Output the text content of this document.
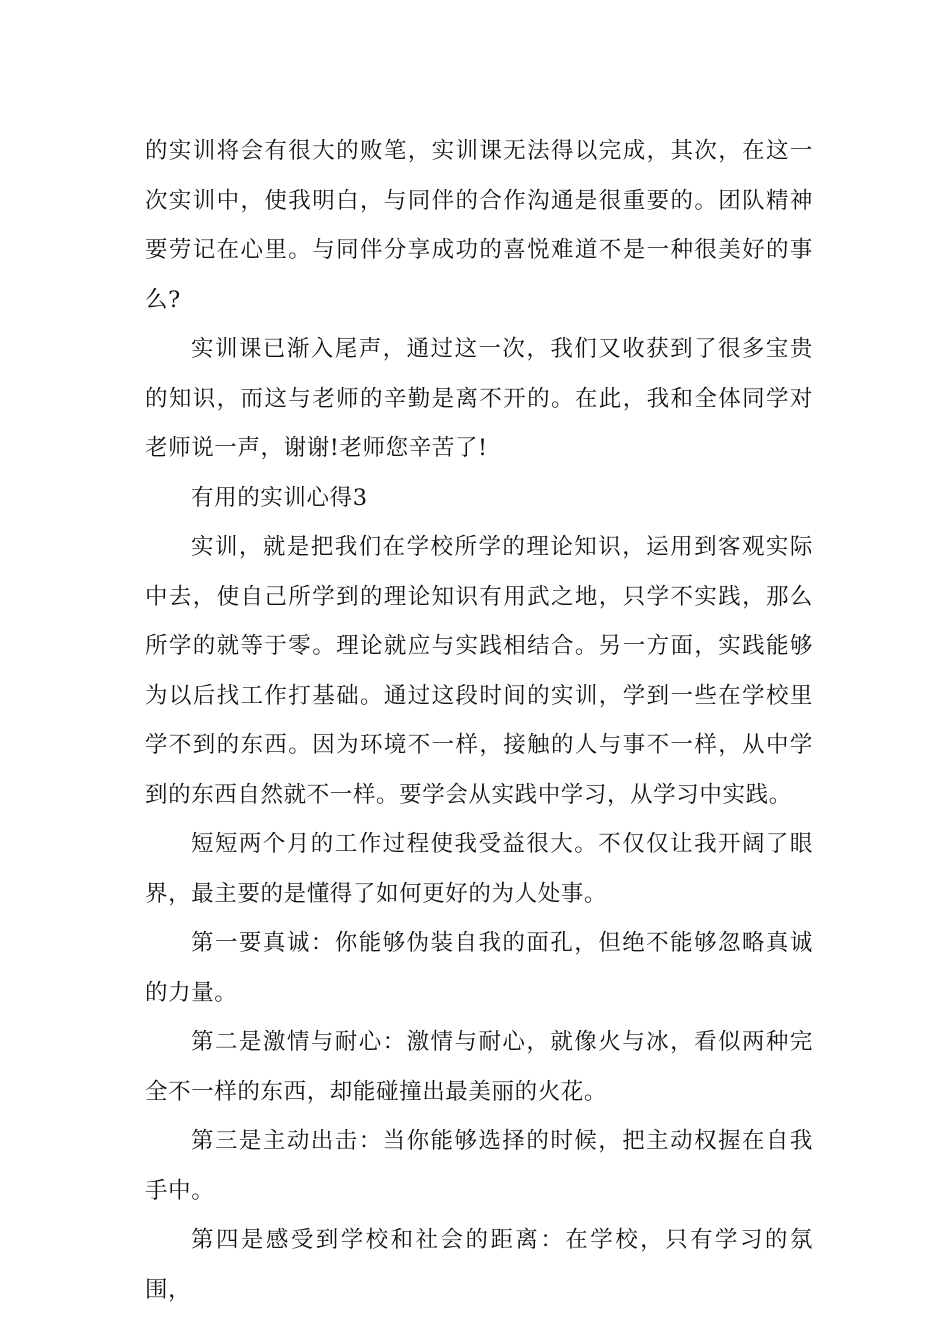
的实训将会有很大的败笔，实训课无法得以完成，其次，在这一次实训中，使我明白，与同伴的合作沟通是很重要的。团队精神要劳记在心里。与同伴分享成功的喜悦难道不是一种很美好的事么?

实训课已渐入尾声，通过这一次，我们又收获到了很多宝贵的知识，而这与老师的辛勤是离不开的。在此，我和全体同学对老师说一声，谢谢!老师您辛苦了!

有用的实训心得3

实训，就是把我们在学校所学的理论知识，运用到客观实际中去，使自己所学到的理论知识有用武之地，只学不实践，那么所学的就等于零。理论就应与实践相结合。另一方面，实践能够为以后找工作打基础。通过这段时间的实训，学到一些在学校里学不到的东西。因为环境不一样，接触的人与事不一样，从中学到的东西自然就不一样。要学会从实践中学习，从学习中实践。

短短两个月的工作过程使我受益很大。不仅仅让我开阔了眼界，最主要的是懂得了如何更好的为人处事。

第一要真诚：你能够伪装自我的面孔，但绝不能够忽略真诚的力量。

第二是激情与耐心：激情与耐心，就像火与冰，看似两种完全不一样的东西，却能碰撞出最美丽的火花。

第三是主动出击：当你能够选择的时候，把主动权握在自我手中。

第四是感受到学校和社会的距离：在学校，只有学习的氛围，
